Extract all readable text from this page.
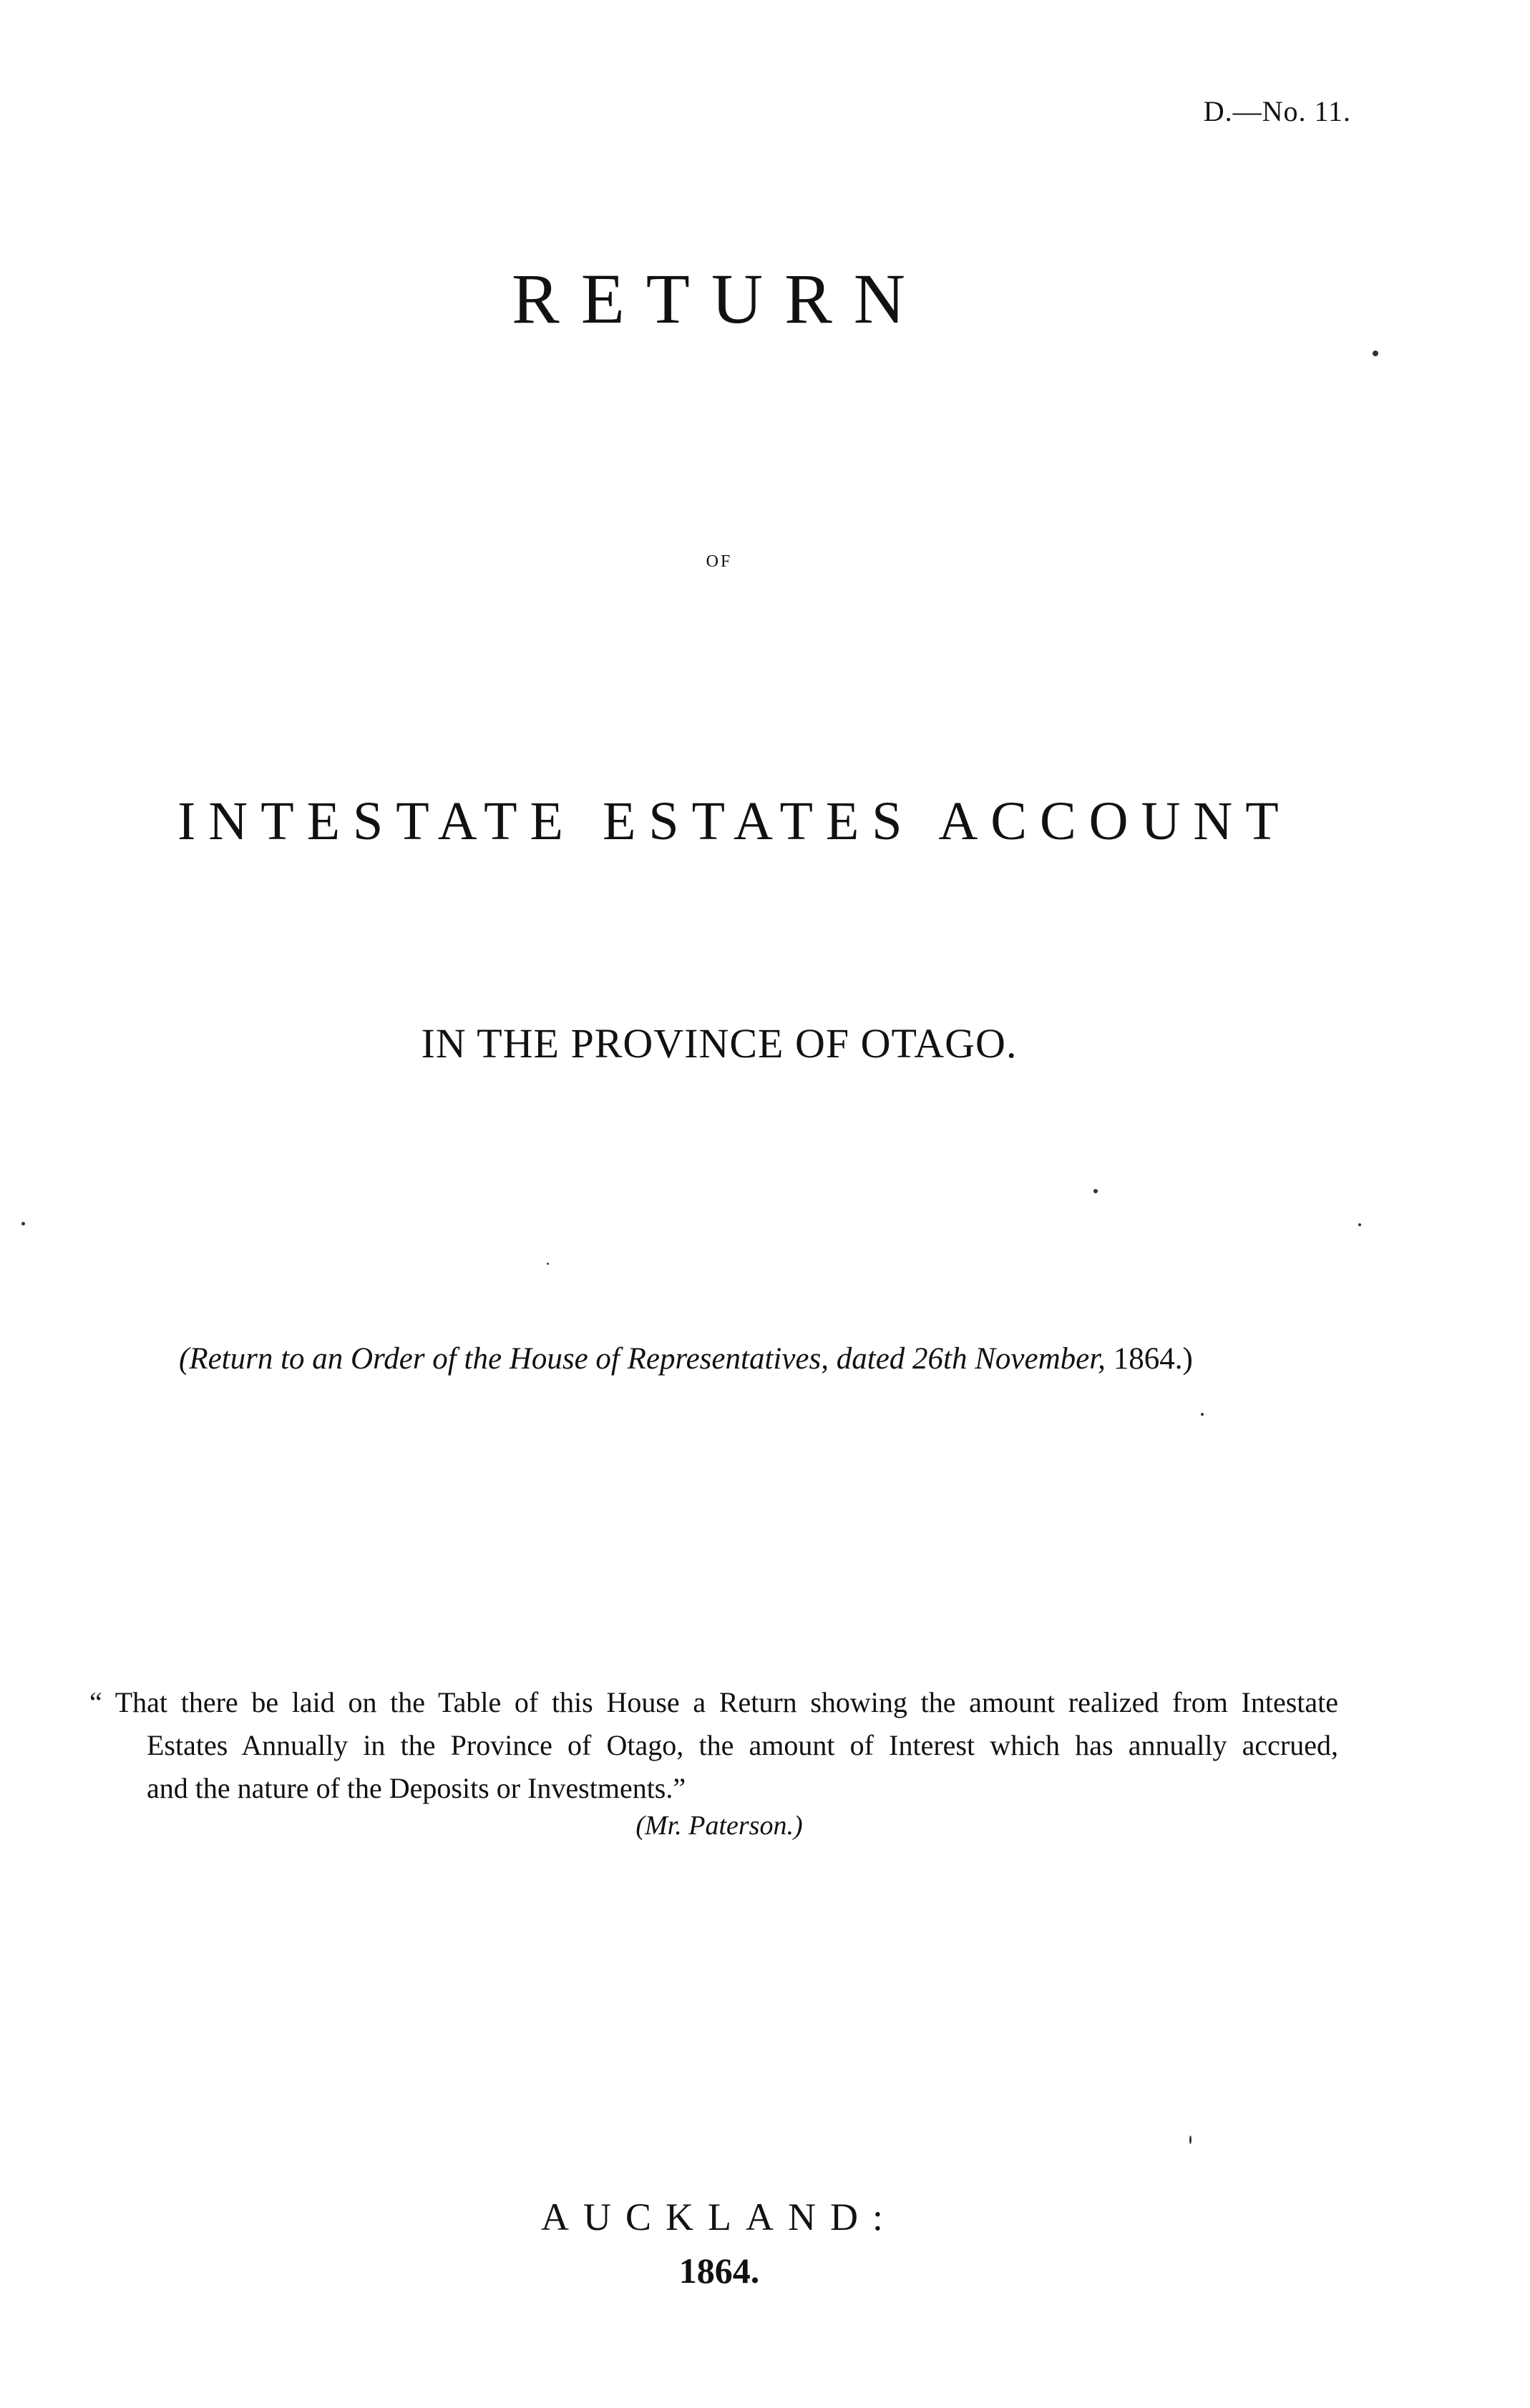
D.—No. 11.
RETURN
OF
INTESTATE ESTATES ACCOUNT
IN THE PROVINCE OF OTAGO.
(Return to an Order of the House of Representatives, dated 26th November, 1864.)
“ That there be laid on the Table of this House a Return showing the amount realized from Intestate
Estates Annually in the Province of Otago, the amount of Interest which has annually accrued,
and the nature of the Deposits or Investments.”
(Mr. Paterson.)
AUCKLAND:
1864.
